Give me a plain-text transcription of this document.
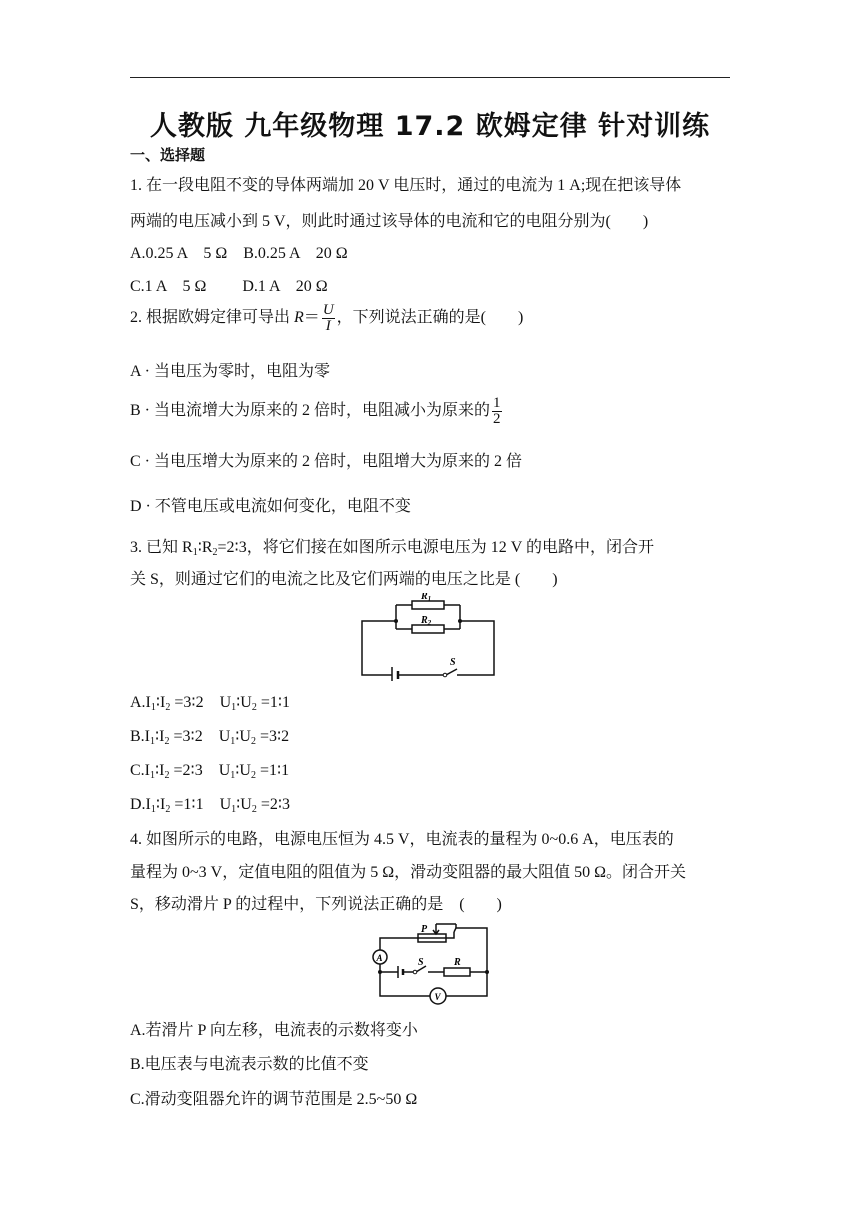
人教版 九年级物理 17.2 欧姆定律 针对训练
一、选择题
1. 在一段电阻不变的导体两端加 20 V 电压时，通过的电流为 1 A;现在把该导体
两端的电压减小到 5 V，则此时通过该导体的电流和它的电阻分别为(　　)
A.0.25 A　5 Ω　B.0.25 A　20 Ω
C.1 A　5 Ω　　 D.1 A　20 Ω
2. 根据欧姆定律可导出 $R= \frac{U}{I}$ ，下列说法正确的是(　　)
A · 当电压为零时，电阻为零
B · 当电流增大为原来的 2 倍时，电阻减小为原来的 $\frac{1}{2}$
C · 当电压增大为原来的 2 倍时，电阻增大为原来的 2 倍
D · 不管电压或电流如何变化，电阻不变
3. 已知 $R_1∶R_2=2∶3$，将它们接在如图所示电源电压为 12 V 的电路中，闭合开
关 S，则通过它们的电流之比及它们两端的电压之比是 (　　)
$R_1$
$R_2$
S
$A.I_1∶I_2$ =3∶2　$U_1∶U_2$ =1∶1
$B.I_1∶I_2$ =3∶2　$U_1∶U_2$ =3∶2
$C.I_1∶I_2$ =2∶3　$U_1∶U_2$ =1∶1
$D.I_1∶I_2$ =1∶1　$U_1∶U_2$ =2∶3
4. 如图所示的电路，电源电压恒为 4.5 V，电流表的量程为 0~0.6 A，电压表的
量程为 0~3 V，定值电阻的阻值为 5 Ω，滑动变阻器的最大阻值 50 Ω。闭合开关
S，移动滑片 P 的过程中，下列说法正确的是　(　　)
P
A	S	R
V
A.若滑片 P 向左移，电流表的示数将变小
B.电压表与电流表示数的比值不变
C.滑动变阻器允许的调节范围是 2.5~50 Ω
